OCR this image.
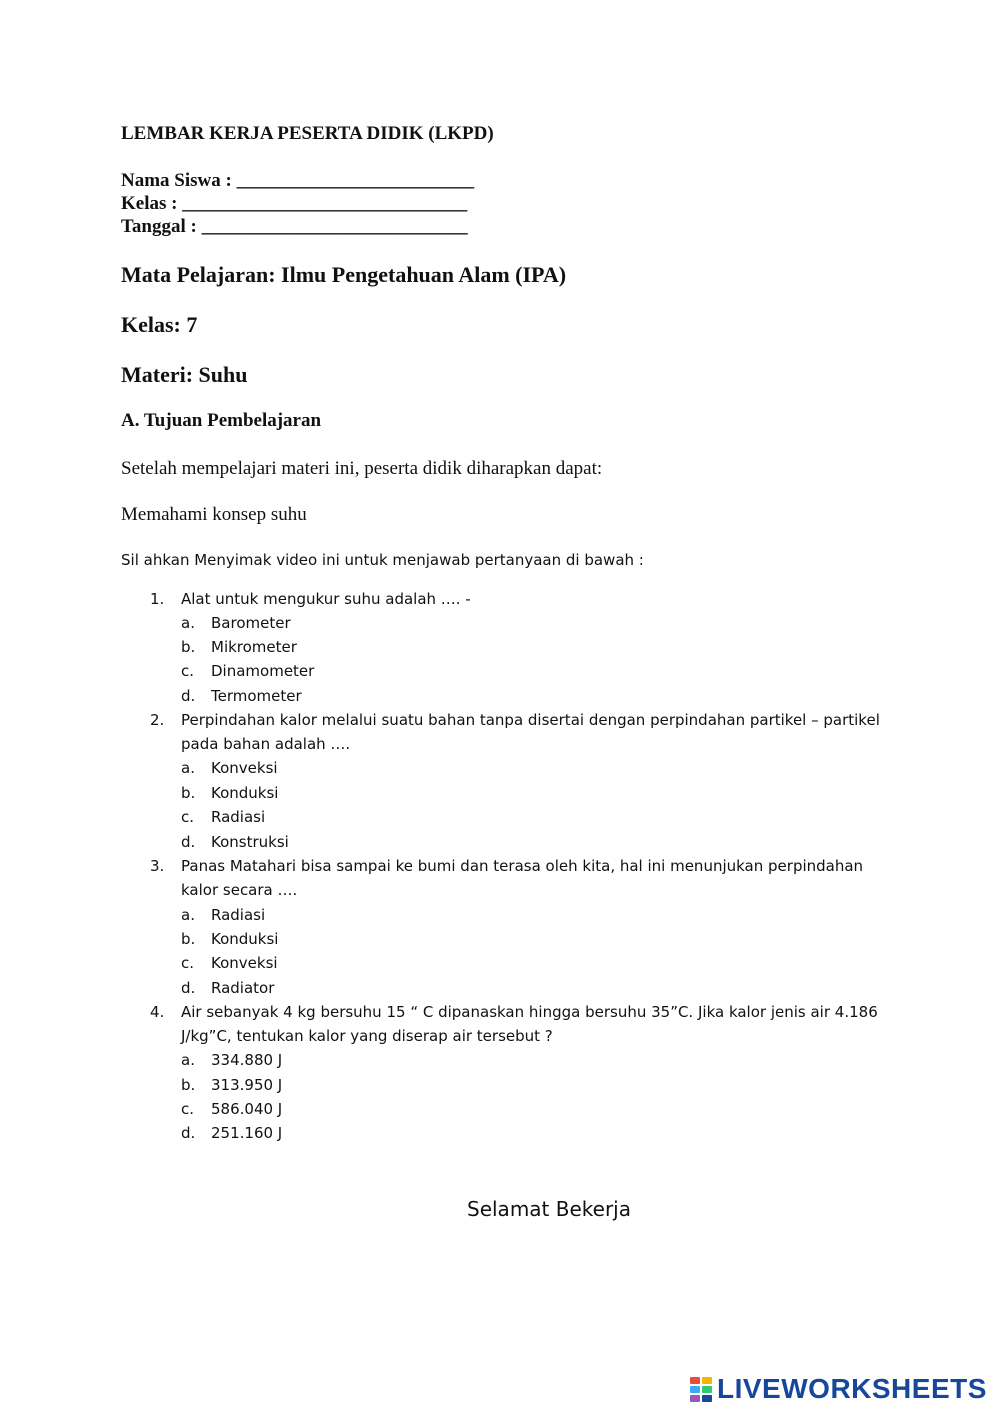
LEMBAR KERJA PESERTA DIDIK (LKPD)
Nama Siswa : _________________________
Kelas : ______________________________
Tanggal : ____________________________
Mata Pelajaran: Ilmu Pengetahuan Alam (IPA)
Kelas: 7
Materi: Suhu
A. Tujuan Pembelajaran
Setelah mempelajari materi ini, peserta didik diharapkan dapat:
Memahami konsep suhu
Sil ahkan Menyimak video ini untuk menjawab pertanyaan di bawah :
1. Alat untuk mengukur suhu adalah …. -
a. Barometer
b. Mikrometer
c. Dinamometer
d. Termometer
2. Perpindahan kalor melalui suatu bahan tanpa disertai dengan perpindahan partikel – partikel
pada bahan adalah ….
a. Konveksi
b. Konduksi
c. Radiasi
d. Konstruksi
3. Panas Matahari bisa sampai ke bumi dan terasa oleh kita, hal ini menunjukan perpindahan
kalor secara ….
a. Radiasi
b. Konduksi
c. Konveksi
d. Radiator
4. Air sebanyak 4 kg bersuhu 15 “ C dipanaskan hingga bersuhu 35”C. Jika kalor jenis air 4.186
J/kg”C, tentukan kalor yang diserap air tersebut ?
a. 334.880 J
b. 313.950 J
c. 586.040 J
d. 251.160 J
Selamat Bekerja
LIVEWORKSHEETS
